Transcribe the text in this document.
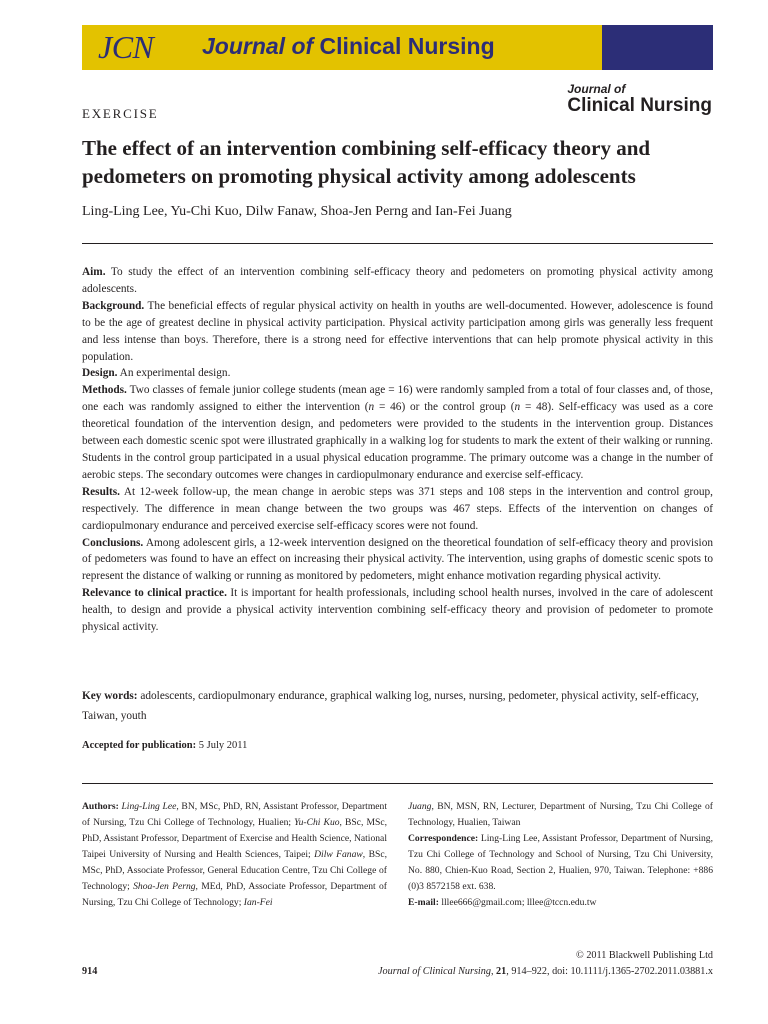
JCN Journal of Clinical Nursing
Journal of
Clinical Nursing
EXERCISE
The effect of an intervention combining self-efficacy theory and pedometers on promoting physical activity among adolescents
Ling-Ling Lee, Yu-Chi Kuo, Dilw Fanaw, Shoa-Jen Perng and Ian-Fei Juang

Aim. To study the effect of an intervention combining self-efficacy theory and pedometers on promoting physical activity among adolescents.

Background. The beneficial effects of regular physical activity on health in youths are well-documented. However, adolescence is found to be the age of greatest decline in physical activity participation. Physical activity participation among girls was generally less frequent and less intense than boys. Therefore, there is a strong need for effective interventions that can help promote physical activity in this population.

Design. An experimental design.

Methods. Two classes of female junior college students (mean age = 16) were randomly sampled from a total of four classes and, of those, one each was randomly assigned to either the intervention (n = 46) or the control group (n = 48). Self-efficacy was used as a core theoretical foundation of the intervention design, and pedometers were provided to the students in the intervention group. Distances between each domestic scenic spot were illustrated graphically in a walking log for students to mark the extent of their walking or running. Students in the control group participated in a usual physical education programme. The primary outcome was a change in the number of aerobic steps. The secondary outcomes were changes in cardiopulmonary endurance and exercise self-efficacy.

Results. At 12-week follow-up, the mean change in aerobic steps was 371 steps and 108 steps in the intervention and control group, respectively. The difference in mean change between the two groups was 467 steps. Effects of the intervention on changes of cardiopulmonary endurance and perceived exercise self-efficacy scores were not found.

Conclusions. Among adolescent girls, a 12-week intervention designed on the theoretical foundation of self-efficacy theory and provision of pedometers was found to have an effect on increasing their physical activity. The intervention, using graphs of domestic scenic spots to represent the distance of walking or running as monitored by pedometers, might enhance motivation regarding physical activity.

Relevance to clinical practice. It is important for health professionals, including school health nurses, involved in the care of adolescent health, to design and provide a physical activity intervention combining self-efficacy theory and provision of pedometer to promote physical activity.

Key words: adolescents, cardiopulmonary endurance, graphical walking log, nurses, nursing, pedometer, physical activity, self-efficacy, Taiwan, youth
Accepted for publication: 5 July 2011
Authors: Ling-Ling Lee, BN, MSc, PhD, RN, Assistant Professor, Department of Nursing, Tzu Chi College of Technology, Hualien; Yu-Chi Kuo, BSc, MSc, PhD, Assistant Professor, Department of Exercise and Health Science, National Taipei University of Nursing and Health Sciences, Taipei; Dilw Fanaw, BSc, MSc, PhD, Associate Professor, General Education Centre, Tzu Chi College of Technology; Shoa-Jen Perng, MEd, PhD, Associate Professor, Department of Nursing, Tzu Chi College of Technology; Ian-Fei
Juang, BN, MSN, RN, Lecturer, Department of Nursing, Tzu Chi College of Technology, Hualien, Taiwan
Correspondence: Ling-Ling Lee, Assistant Professor, Department of Nursing, Tzu Chi College of Technology and School of Nursing, Tzu Chi University, No. 880, Chien-Kuo Road, Section 2, Hualien, 970, Taiwan. Telephone: +886 (0)3 8572158 ext. 638.
E-mail: lllee666@gmail.com; lllee@tccn.edu.tw
© 2011 Blackwell Publishing Ltd
914	Journal of Clinical Nursing, 21, 914–922, doi: 10.1111/j.1365-2702.2011.03881.x
